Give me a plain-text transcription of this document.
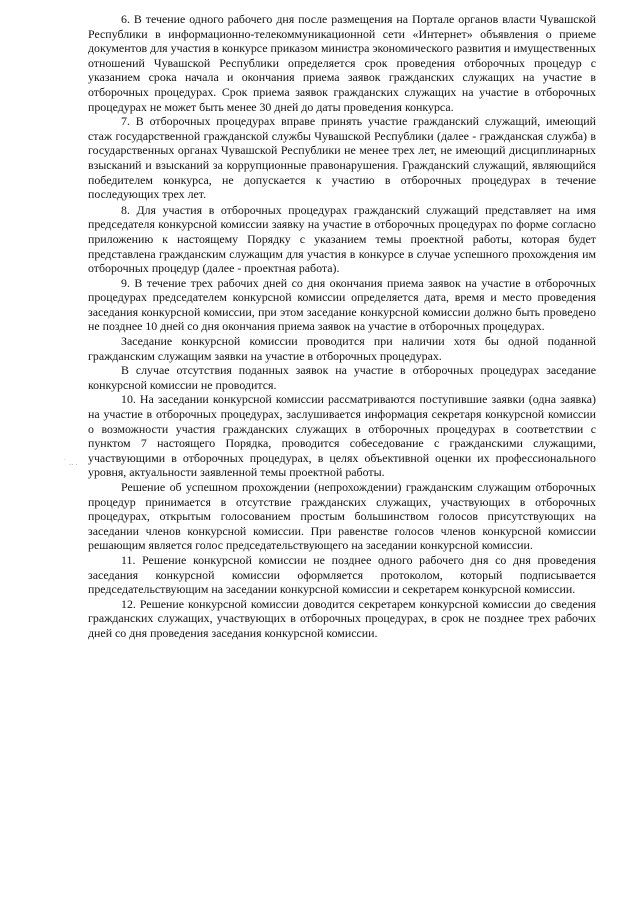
6. В течение одного рабочего дня после размещения на Портале органов власти Чувашской Республики в информационно-телекоммуникационной сети «Интернет» объявления о приеме документов для участия в конкурсе приказом министра экономического развития и имущественных отношений Чувашской Республики определяется срок проведения отборочных процедур с указанием срока начала и окончания приема заявок гражданских служащих на участие в отборочных процедурах. Срок приема заявок гражданских служащих на участие в отборочных процедурах не может быть менее 30 дней до даты проведения конкурса.

7. В отборочных процедурах вправе принять участие гражданский служащий, имеющий стаж государственной гражданской службы Чувашской Республики (далее - гражданская служба) в государственных органах Чувашской Республики не менее трех лет, не имеющий дисциплинарных взысканий и взысканий за коррупционные правонарушения. Гражданский служащий, являющийся победителем конкурса, не допускается к участию в отборочных процедурах в течение последующих трех лет.

8. Для участия в отборочных процедурах гражданский служащий представляет на имя председателя конкурсной комиссии заявку на участие в отборочных процедурах по форме согласно приложению к настоящему Порядку с указанием темы проектной работы, которая будет представлена гражданским служащим для участия в конкурсе в случае успешного прохождения им отборочных процедур (далее - проектная работа).

9. В течение трех рабочих дней со дня окончания приема заявок на участие в отборочных процедурах председателем конкурсной комиссии определяется дата, время и место проведения заседания конкурсной комиссии, при этом заседание конкурсной комиссии должно быть проведено не позднее 10 дней со дня окончания приема заявок на участие в отборочных процедурах.

Заседание конкурсной комиссии проводится при наличии хотя бы одной поданной гражданским служащим заявки на участие в отборочных процедурах.

В случае отсутствия поданных заявок на участие в отборочных процедурах заседание конкурсной комиссии не проводится.

10. На заседании конкурсной комиссии рассматриваются поступившие заявки (одна заявка) на участие в отборочных процедурах, заслушивается информация секретаря конкурсной комиссии о возможности участия гражданских служащих в отборочных процедурах в соответствии с пунктом 7 настоящего Порядка, проводится собеседование с гражданскими служащими, участвующими в отборочных процедурах, в целях объективной оценки их профессионального уровня, актуальности заявленной темы проектной работы.

Решение об успешном прохождении (непрохождении) гражданским служащим отборочных процедур принимается в отсутствие гражданских служащих, участвующих в отборочных процедурах, открытым голосованием простым большинством голосов присутствующих на заседании членов конкурсной комиссии. При равенстве голосов членов конкурсной комиссии решающим является голос председательствующего на заседании конкурсной комиссии.

11. Решение конкурсной комиссии не позднее одного рабочего дня со дня проведения заседания конкурсной комиссии оформляется протоколом, который подписывается председательствующим на заседании конкурсной комиссии и секретарем конкурсной комиссии.

12. Решение конкурсной комиссии доводится секретарем конкурсной комиссии до сведения гражданских служащих, участвующих в отборочных процедурах, в срок не позднее трех рабочих дней со дня проведения заседания конкурсной комиссии.

˙ .. .
